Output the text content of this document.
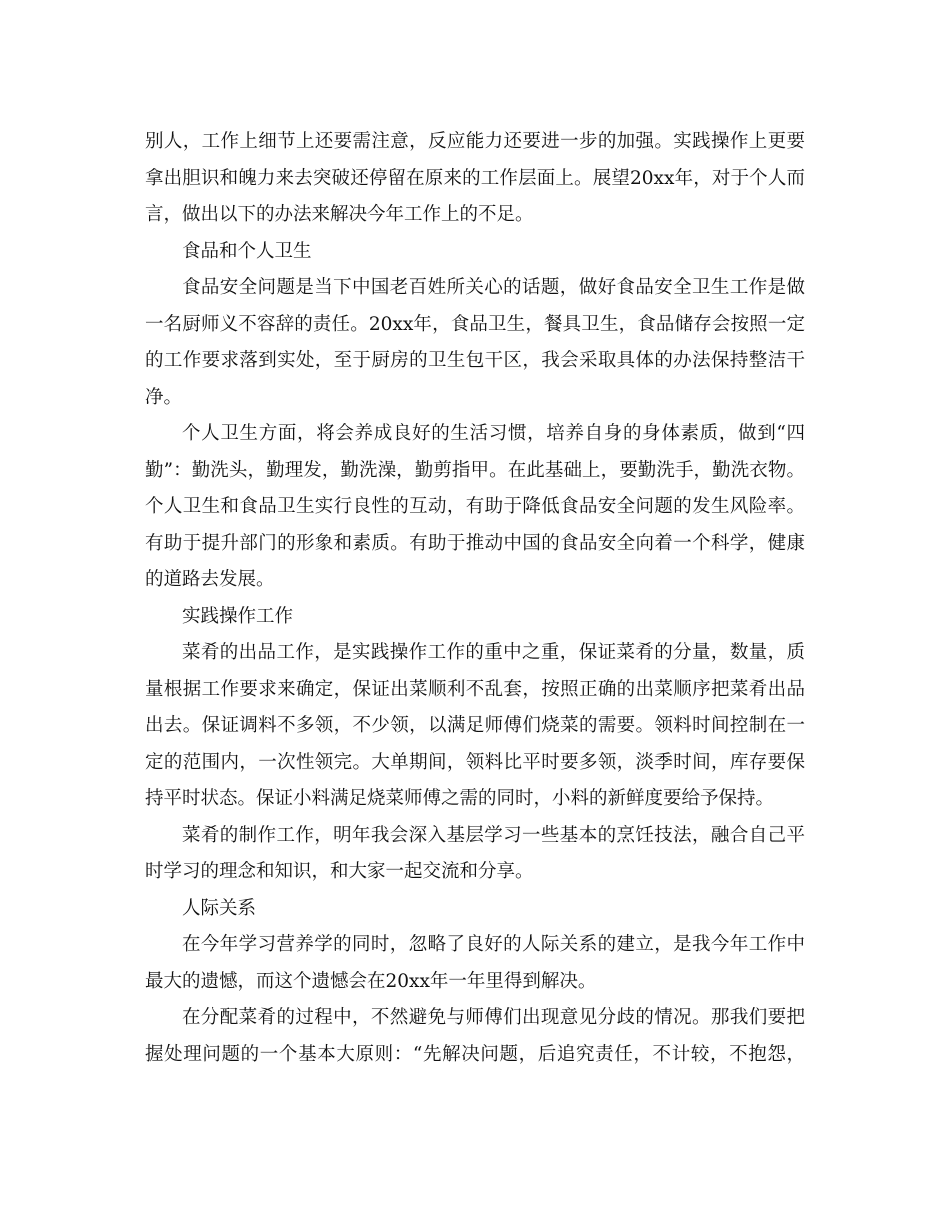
别人，工作上细节上还要需注意，反应能力还要进一步的加强。实践操作上更要
拿出胆识和魄力来去突破还停留在原来的工作层面上。展望20xx年，对于个人而
言，做出以下的办法来解决今年工作上的不足。
食品和个人卫生
食品安全问题是当下中国老百姓所关心的话题，做好食品安全卫生工作是做
一名厨师义不容辞的责任。20xx年，食品卫生，餐具卫生，食品储存会按照一定
的工作要求落到实处，至于厨房的卫生包干区，我会采取具体的办法保持整洁干
净。
个人卫生方面，将会养成良好的生活习惯，培养自身的身体素质，做到“四
勤”：勤洗头，勤理发，勤洗澡，勤剪指甲。在此基础上，要勤洗手，勤洗衣物。
个人卫生和食品卫生实行良性的互动，有助于降低食品安全问题的发生风险率。
有助于提升部门的形象和素质。有助于推动中国的食品安全向着一个科学，健康
的道路去发展。
实践操作工作
菜肴的出品工作，是实践操作工作的重中之重，保证菜肴的分量，数量，质
量根据工作要求来确定，保证出菜顺利不乱套，按照正确的出菜顺序把菜肴出品
出去。保证调料不多领，不少领，以满足师傅们烧菜的需要。领料时间控制在一
定的范围内，一次性领完。大单期间，领料比平时要多领，淡季时间，库存要保
持平时状态。保证小料满足烧菜师傅之需的同时，小料的新鲜度要给予保持。
菜肴的制作工作，明年我会深入基层学习一些基本的烹饪技法，融合自己平
时学习的理念和知识，和大家一起交流和分享。
人际关系
在今年学习营养学的同时，忽略了良好的人际关系的建立，是我今年工作中
最大的遗憾，而这个遗憾会在20xx年一年里得到解决。
在分配菜肴的过程中，不然避免与师傅们出现意见分歧的情况。那我们要把
握处理问题的一个基本大原则：“先解决问题，后追究责任，不计较，不抱怨，
